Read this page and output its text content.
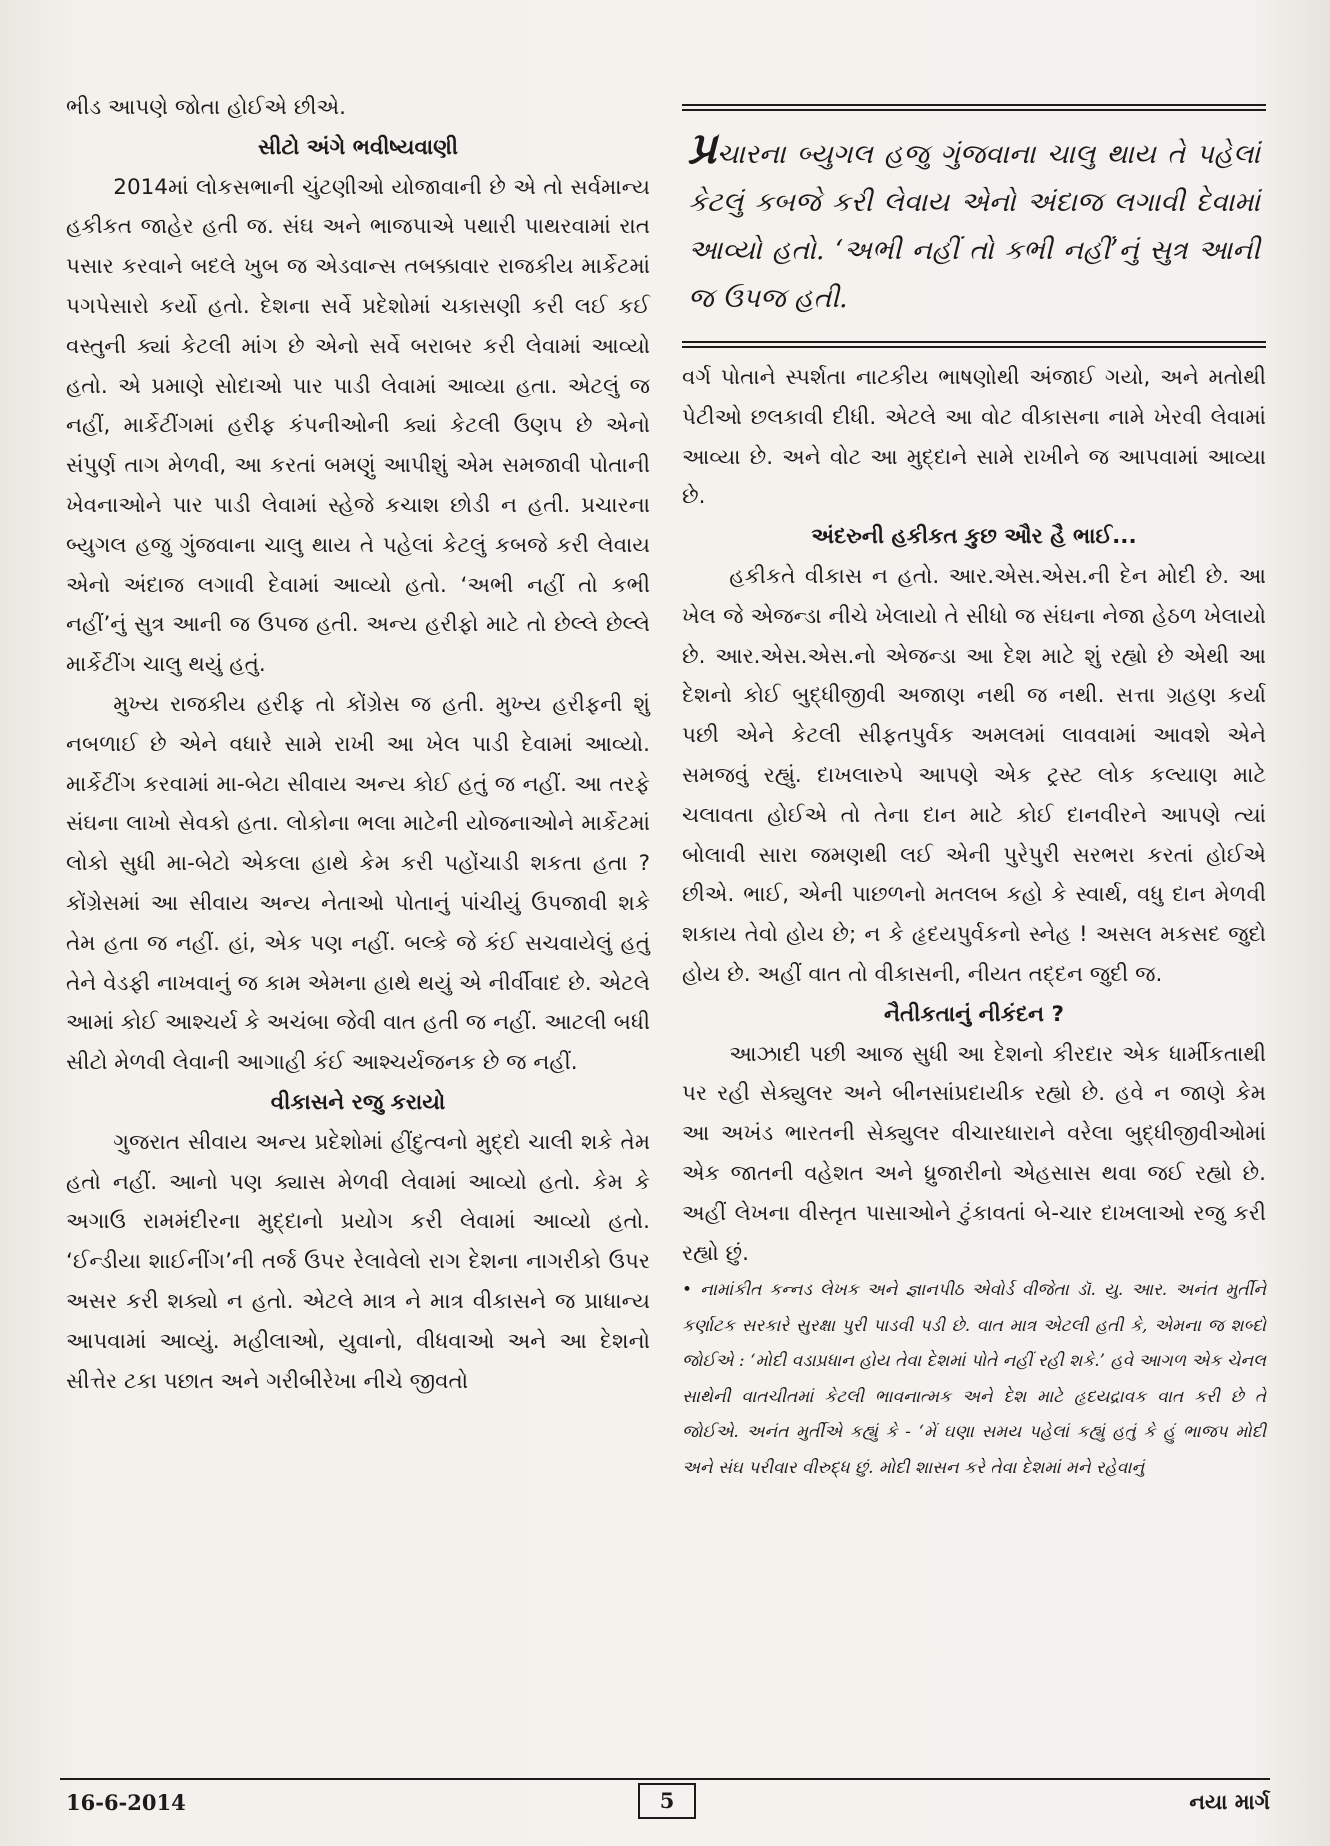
ભીડ આપણે જોતા હોઈએ છીએ.

સીટો અંગે ભવીષ્યવાણી

2014માં લોકસભાની ચુંટણીઓ યોજાવાની છે એ તો સર્વમાન્ય હકીકત જાહેર હતી જ. સંઘ અને ભાજપાએ પથારી પાથરવામાં રાત પસાર કરવાને બદલે ખુબ જ એડવાન્સ તબક્કાવાર રાજકીય માર્કેટમાં પગપેસારો કર્યો હતો. દેશના સર્વે પ્રદેશોમાં ચકાસણી કરી લઈ કઈ વસ્તુની ક્યાં કેટલી માંગ છે એનો સર્વે બરાબર કરી લેવામાં આવ્યો હતો. એ પ્રમાણે સોદાઓ પાર પાડી લેવામાં આવ્યા હતા. એટલું જ નહીં, માર્કેટીંગમાં હરીફ કંપનીઓની ક્યાં કેટલી ઉણપ છે એનો સંપુર્ણ તાગ મેળવી, આ કરતાં બમણું આપીશું એમ સમજાવી પોતાની ખેવનાઓને પાર પાડી લેવામાં સ્હેજે કચાશ છોડી ન હતી. પ્રચારના બ્યુગલ હજુ ગુંજવાના ચાલુ થાય તે પહેલાં કેટલું કબજે કરી લેવાય એનો અંદાજ લગાવી દેવામાં આવ્યો હતો. ‘અભી નહીં તો કભી નહીં’નું સુત્ર આની જ ઉપજ હતી. અન્ય હરીફો માટે તો છેલ્લે છેલ્લે માર્કેટીંગ ચાલુ થયું હતું.

મુખ્ય રાજકીય હરીફ તો કોંગ્રેસ જ હતી. મુખ્ય હરીફની શું નબળાઈ છે એને વધારે સામે રાખી આ ખેલ પાડી દેવામાં આવ્યો. માર્કેટીંગ કરવામાં મા-બેટા સીવાય અન્ય કોઈ હતું જ નહીં. આ તરફે સંઘના લાખો સેવકો હતા. લોકોના ભલા માટેની યોજનાઓને માર્કેટમાં લોકો સુધી મા-બેટો એકલા હાથે કેમ કરી પહોંચાડી શકતા હતા ? કોંગ્રેસમાં આ સીવાય અન્ય નેતાઓ પોતાનું પાંચીયું ઉપજાવી શકે તેમ હતા જ નહીં. હાં, એક પણ નહીં. બલ્કે જે કંઈ સચવાયેલું હતું તેને વેડફી નાખવાનું જ કામ એમના હાથે થયું એ નીર્વીવાદ છે. એટલે આમાં કોઈ આશ્ચર્ય કે અચંબા જેવી વાત હતી જ નહીં. આટલી બધી સીટો મેળવી લેવાની આગાહી કંઈ આશ્ચર્યજનક છે જ નહીં.

વીકાસને રજુ કરાયો

ગુજરાત સીવાય અન્ય પ્રદેશોમાં હીંદુત્વનો મુદ્દો ચાલી શકે તેમ હતો નહીં. આનો પણ ક્યાસ મેળવી લેવામાં આવ્યો હતો. કેમ કે અગાઉ રામમંદીરના મુદ્દાનો પ્રયોગ કરી લેવામાં આવ્યો હતો. ‘ઈન્ડીયા શાઈનીંગ’ની તર્જ ઉપર રેલાવેલો રાગ દેશના નાગરીકો ઉપર અસર કરી શક્યો ન હતો. એટલે માત્ર ને માત્ર વીકાસને જ પ્રાધાન્ય આપવામાં આવ્યું. મહીલાઓ, યુવાનો, વીધવાઓ અને આ દેશનો સીત્તેર ટકા પછાત અને ગરીબીરેખા નીચે જીવતો

પ્રચારના બ્યુગલ હજુ ગુંજવાના ચાલુ થાય તે પહેલાં કેટલું કબજે કરી લેવાય એનો અંદાજ લગાવી દેવામાં આવ્યો હતો. ‘અભી નહીં તો કભી નહીં’નું સુત્ર આની જ ઉપજ હતી.

વર્ગ પોતાને સ્પર્શતા નાટકીય ભાષણોથી અંજાઈ ગયો, અને મતોથી પેટીઓ છલકાવી દીધી. એટલે આ વોટ વીકાસના નામે ખેરવી લેવામાં આવ્યા છે. અને વોટ આ મુદ્દાને સામે રાખીને જ આપવામાં આવ્યા છે.

અંદરુની હકીકત કુછ ઔર હૈ ભાઈ...

હકીકતે વીકાસ ન હતો. આર.એસ.એસ.ની દેન મોદી છે. આ ખેલ જે એજન્ડા નીચે ખેલાયો તે સીધો જ સંઘના નેજા હેઠળ ખેલાયો છે. આર.એસ.એસ.નો એજન્ડા આ દેશ માટે શું રહ્યો છે એથી આ દેશનો કોઈ બુદ્ધીજીવી અજાણ નથી જ નથી. સત્તા ગ્રહણ કર્યા પછી એને કેટલી સીફતપુર્વક અમલમાં લાવવામાં આવશે એને સમજવું રહ્યું. દાખલારુપે આપણે એક ટ્રસ્ટ લોક કલ્યાણ માટે ચલાવતા હોઈએ તો તેના દાન માટે કોઈ દાનવીરને આપણે ત્યાં બોલાવી સારા જમણથી લઈ એની પુરેપુરી સરભરા કરતાં હોઈએ છીએ. ભાઈ, એની પાછળનો મતલબ કહો કે સ્વાર્થ, વધુ દાન મેળવી શકાય તેવો હોય છે; ન કે હૃદયપુર્વકનો સ્નેહ ! અસલ મકસદ જુદો હોય છે. અહીં વાત તો વીકાસની, નીયત તદ્દન જુદી જ.

નૈતીકતાનું નીકંદન ?

આઝાદી પછી આજ સુધી આ દેશનો કીરદાર એક ધાર્મીકતાથી પર રહી સેક્યુલર અને બીનસાંપ્રદાયીક રહ્યો છે. હવે ન જાણે કેમ આ અખંડ ભારતની સેક્યુલર વીચારધારાને વરેલા બુદ્ધીજીવીઓમાં એક જાતની વહેશત અને ધ્રુજારીનો એહસાસ થવા જઈ રહ્યો છે. અહીં લેખના વીસ્તૃત પાસાઓને ટુંકાવતાં બે-ચાર દાખલાઓ રજુ કરી રહ્યો છું.

• નામાંકીત કન્નડ લેખક અને જ્ઞાનપીઠ એવોર્ડ વીજેતા ડૉ. યુ. આર. અનંત મુર્તીને કર્ણાટક સરકારે સુરક્ષા પુરી પાડવી પડી છે. વાત માત્ર એટલી હતી કે, એમના જ શબ્દો જોઈએ : ‘મોદી વડાપ્રધાન હોય તેવા દેશમાં પોતે નહીં રહી શકે.’ હવે આગળ એક ચેનલ સાથેની વાતચીતમાં કેટલી ભાવનાત્મક અને દેશ માટે હૃદયદ્રાવક વાત કરી છે તે જોઈએ. અનંત મુર્તીએ કહ્યું કે - ‘મેં ઘણા સમય પહેલાં કહ્યું હતું કે હું ભાજપ મોદી અને સંઘ પરીવાર વીરુદ્ધ છું. મોદી શાસન કરે તેવા દેશમાં મને રહેવાનું

16-6-2014	5	નયા માર્ગ
